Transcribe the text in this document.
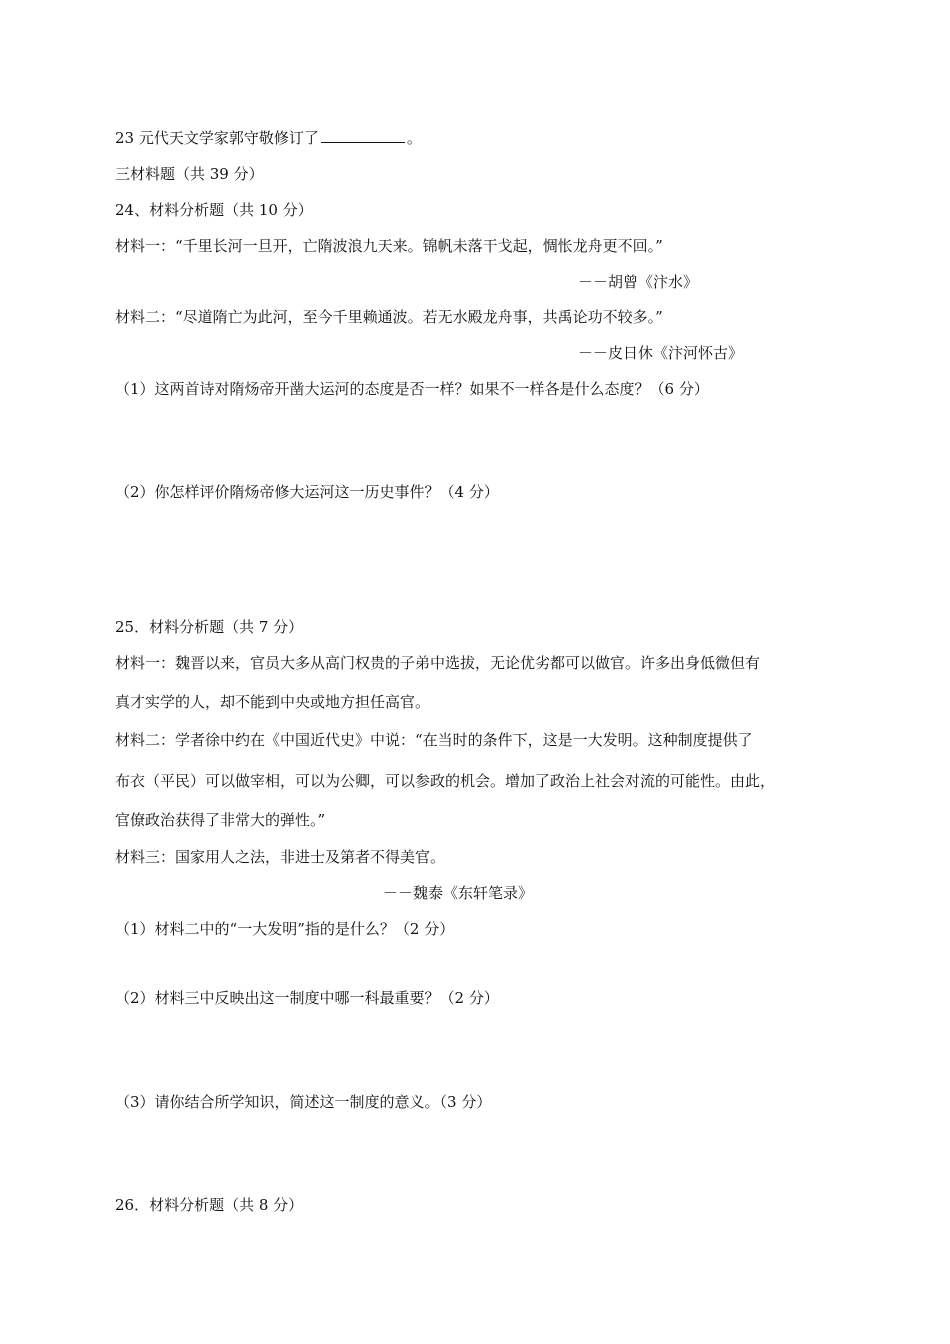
23 元代天文学家郭守敬修订了	。
三材料题（共 39 分）
24、材料分析题（共 10 分）
材料一：“千里长河一旦开，亡隋波浪九天来。锦帆未落干戈起，惆怅龙舟更不回。”
－－胡曾《汴水》
材料二：“尽道隋亡为此河，至今千里赖通波。若无水殿龙舟事，共禹论功不较多。”
－－皮日休《汴河怀古》
（1）这两首诗对隋炀帝开凿大运河的态度是否一样？如果不一样各是什么态度？（6 分）
（2）你怎样评价隋炀帝修大运河这一历史事件？（4 分）
25．材料分析题（共 7 分）
材料一：魏晋以来，官员大多从高门权贵的子弟中选拔，无论优劣都可以做官。许多出身低微但有
真才实学的人，却不能到中央或地方担任高官。
材料二：学者徐中约在《中国近代史》中说：“在当时的条件下，这是一大发明。这种制度提供了
布衣（平民）可以做宰相，可以为公卿，可以参政的机会。增加了政治上社会对流的可能性。由此，
官僚政治获得了非常大的弹性。”
材料三：国家用人之法，非进士及第者不得美官。
－－魏泰《东轩笔录》
（1）材料二中的“一大发明”指的是什么？（2 分）
（2）材料三中反映出这一制度中哪一科最重要？（2 分）
（3）请你结合所学知识，简述这一制度的意义。（3 分）
26．材料分析题（共 8 分）
